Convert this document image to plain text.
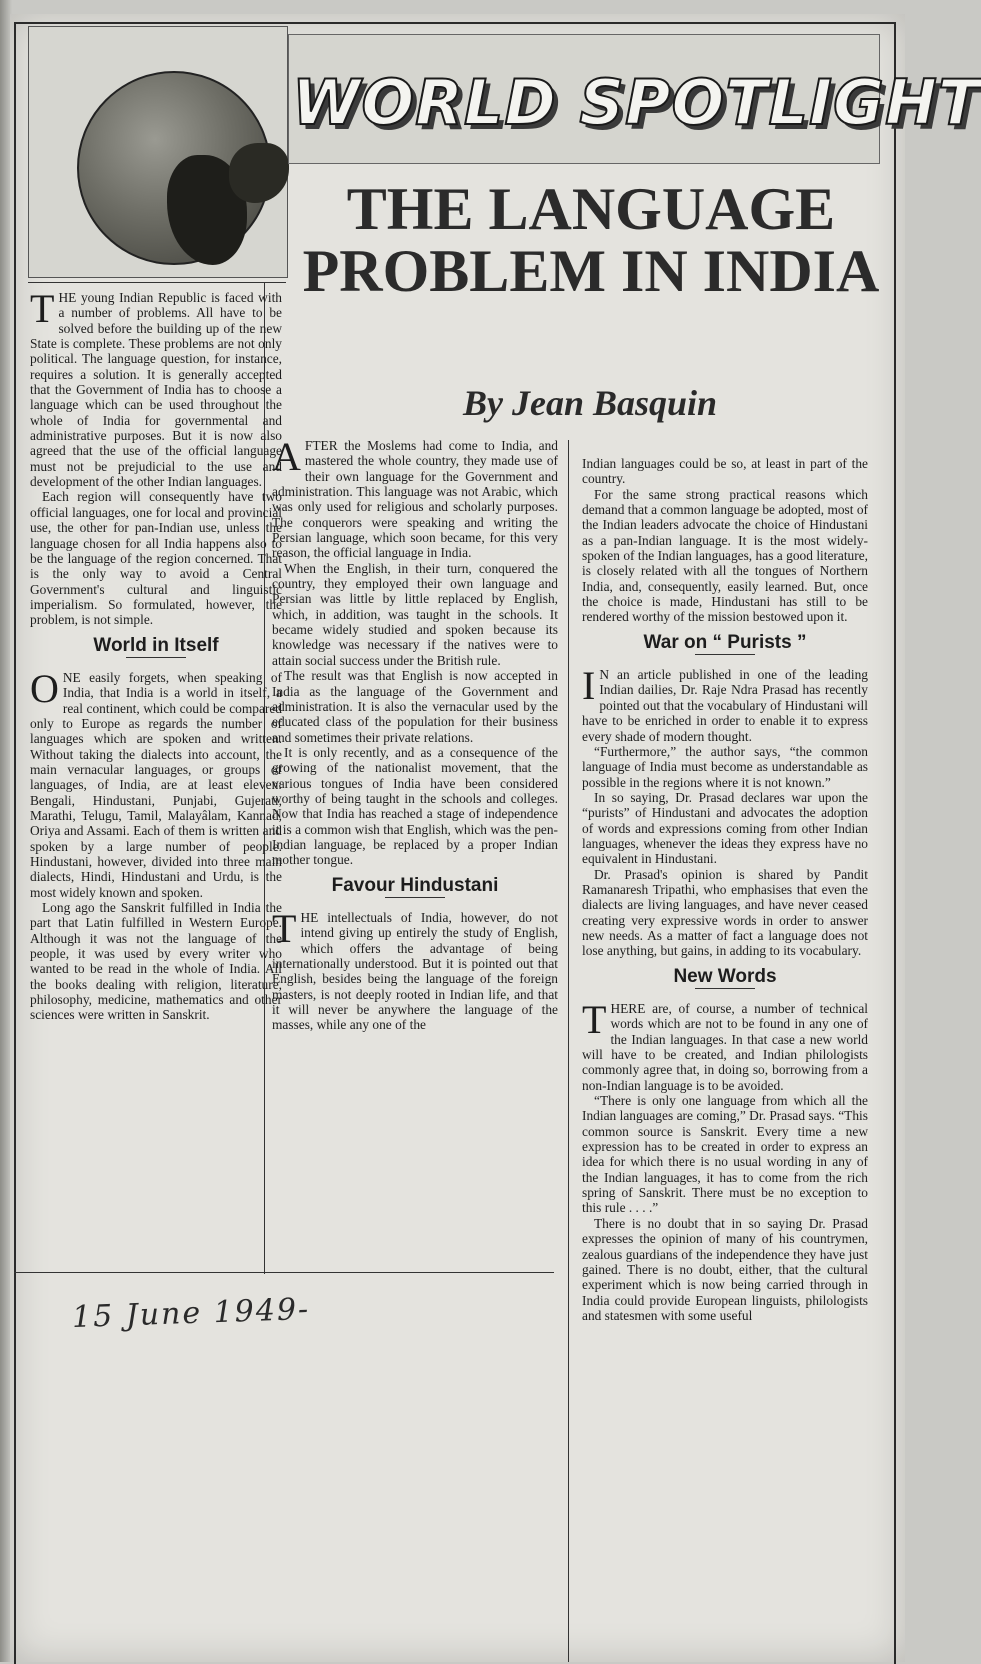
WORLD SPOTLIGHT
THE LANGUAGE PROBLEM IN INDIA
By Jean Basquin

THE young Indian Republic is faced with a number of problems. All have to be solved before the building up of the new State is complete. These problems are not only political. The language question, for instance, requires a solution. It is generally accepted that the Government of India has to choose a language which can be used throughout the whole of India for governmental and administrative purposes. But it is now also agreed that the use of the official language must not be prejudicial to the use and development of the other Indian languages.

Each region will consequently have two official languages, one for local and provincial use, the other for pan-Indian use, unless the language chosen for all India happens also to be the language of the region concerned. That is the only way to avoid a Central Government's cultural and linguistic imperialism. So formulated, however, the problem, is not simple.

World in Itself

ONE easily forgets, when speaking of India, that India is a world in itself, a real continent, which could be compared only to Europe as regards the number of languages which are spoken and written. Without taking the dialects into account, the main vernacular languages, or groups of languages, of India, are at least eleven: Bengali, Hindustani, Punjabi, Gujerati, Marathi, Telugu, Tamil, Malayâlam, Kannad, Oriya and Assami. Each of them is written and spoken by a large number of people. Hindustani, however, divided into three main dialects, Hindi, Hindustani and Urdu, is the most widely known and spoken.

Long ago the Sanskrit fulfilled in India the part that Latin fulfilled in Western Europe. Although it was not the language of the people, it was used by every writer who wanted to be read in the whole of India. All the books dealing with religion, literature, philosophy, medicine, mathematics and other sciences were written in Sanskrit.

AFTER the Moslems had come to India, and mastered the whole country, they made use of their own language for the Government and administration. This language was not Arabic, which was only used for religious and scholarly purposes. The conquerors were speaking and writing the Persian language, which soon became, for this very reason, the official language in India.

When the English, in their turn, conquered the country, they employed their own language and Persian was little by little replaced by English, which, in addition, was taught in the schools. It became widely studied and spoken because its knowledge was necessary if the natives were to attain social success under the British rule.

The result was that English is now accepted in India as the language of the Government and administration. It is also the vernacular used by the educated class of the population for their business and sometimes their private relations.

It is only recently, and as a consequence of the growing of the nationalist movement, that the various tongues of India have been considered worthy of being taught in the schools and colleges. Now that India has reached a stage of independence it is a common wish that English, which was the pen-Indian language, be replaced by a proper Indian mother tongue.

Favour Hindustani

THE intellectuals of India, however, do not intend giving up entirely the study of English, which offers the advantage of being internationally understood. But it is pointed out that English, besides being the language of the foreign masters, is not deeply rooted in Indian life, and that it will never be anywhere the language of the masses, while any one of the

Indian languages could be so, at least in part of the country.

For the same strong practical reasons which demand that a common language be adopted, most of the Indian leaders advocate the choice of Hindustani as a pan-Indian language. It is the most widely-spoken of the Indian languages, has a good literature, is closely related with all the tongues of Northern India, and, consequently, easily learned. But, once the choice is made, Hindustani has still to be rendered worthy of the mission bestowed upon it.

War on “ Purists ”

I N an article published in one of the leading Indian dailies, Dr. Raje Ndra Prasad has recently pointed out that the vocabulary of Hindustani will have to be enriched in order to enable it to express every shade of modern thought.

“Furthermore,” the author says, “the common language of India must become as understandable as possible in the regions where it is not known.”

In so saying, Dr. Prasad declares war upon the “purists” of Hindustani and advocates the adoption of words and expressions coming from other Indian languages, whenever the ideas they express have no equivalent in Hindustani.

Dr. Prasad's opinion is shared by Pandit Ramanaresh Tripathi, who emphasises that even the dialects are living languages, and have never ceased creating very expressive words in order to answer new needs. As a matter of fact a language does not lose anything, but gains, in adding to its vocabulary.

New Words

THERE are, of course, a number of technical words which are not to be found in any one of the Indian languages. In that case a new world will have to be created, and Indian philologists commonly agree that, in doing so, borrowing from a non-Indian language is to be avoided.

“There is only one language from which all the Indian languages are coming,” Dr. Prasad says. “This common source is Sanskrit. Every time a new expression has to be created in order to express an idea for which there is no usual wording in any of the Indian languages, it has to come from the rich spring of Sanskrit. There must be no exception to this rule . . . .”

There is no doubt that in so saying Dr. Prasad expresses the opinion of many of his countrymen, zealous guardians of the independence they have just gained. There is no doubt, either, that the cultural experiment which is now being carried through in India could provide European linguists, philologists and statesmen with some useful

15 June 1949-
